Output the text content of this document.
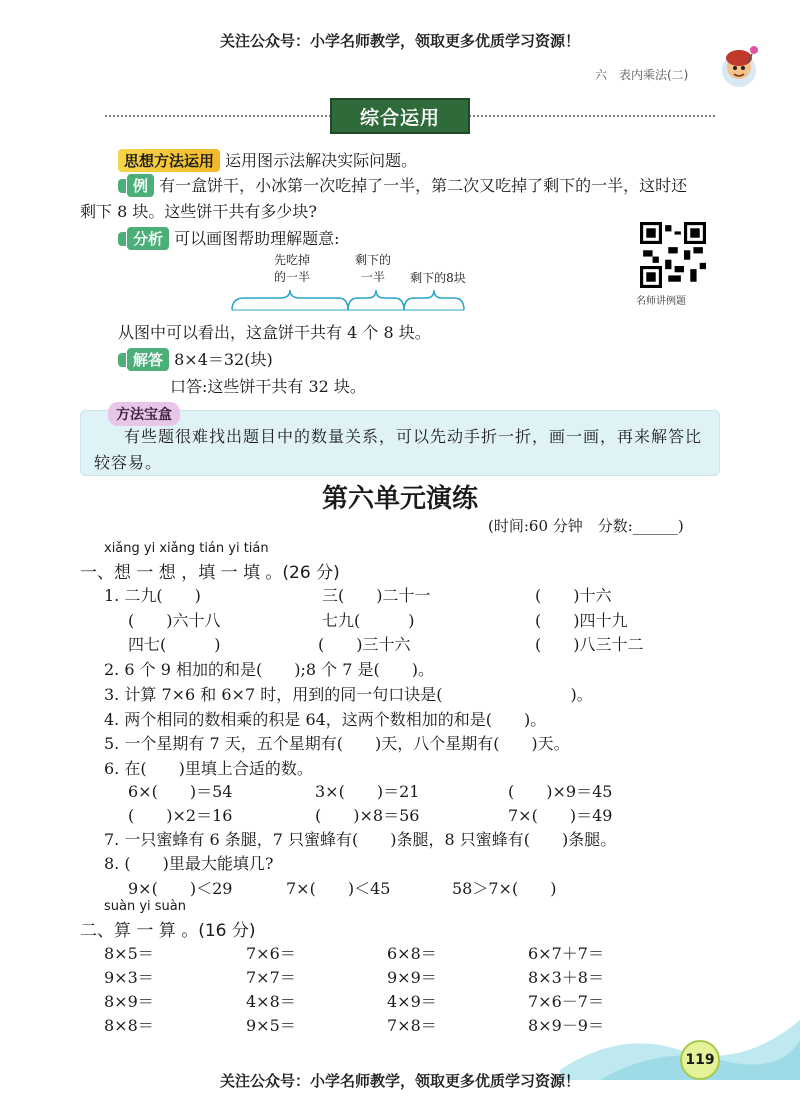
关注公众号：小学名师教学，领取更多优质学习资源！
六　表内乘法(二)
综合运用
思想方法运用 运用图示法解决实际问题。
例 有一盒饼干，小冰第一次吃掉了一半，第二次又吃掉了剩下的一半，这时还
剩下 8 块。这些饼干共有多少块?
分析 可以画图帮助理解题意:
名师讲例题
先吃掉
的一半
剩下的
一半	剩下的8块
从图中可以看出，这盒饼干共有 4 个 8 块。
解答 8×4＝32(块)
口答:这些饼干共有 32 块。
方法宝盒
有些题很难找出题目中的数量关系，可以先动手折一折，画一画，再来解答比较容易。
第六单元演练
(时间:60 分钟　分数:______)
xiǎng yi xiǎng tián yi tián
一、想 一 想 ，填 一 填 。(26 分)
1. 二九(　　)	三(　　)二十一	(　　)十六
(　　)六十八	七九(　　　)	(　　)四十九
四七(　　　)	(　　)三十六	(　　)八三十二
2. 6 个 9 相加的和是(　　);8 个 7 是(　　)。
3. 计算 7×6 和 6×7 时，用到的同一句口诀是(　　　　　　　　)。
4. 两个相同的数相乘的积是 64，这两个数相加的和是(　　)。
5. 一个星期有 7 天，五个星期有(　　)天，八个星期有(　　)天。
6. 在(　　)里填上合适的数。
6×(　　)＝54	3×(　　)＝21	(　　)×9＝45
(　　)×2＝16	(　　)×8＝56	7×(　　)＝49
7. 一只蜜蜂有 6 条腿，7 只蜜蜂有(　　)条腿，8 只蜜蜂有(　　)条腿。
8. (　　)里最大能填几?
9×(　　)＜29	7×(　　)＜45	58＞7×(　　)
suàn yi suàn
二、算 一 算 。(16 分)
8×5＝	7×6＝	6×8＝	6×7＋7＝
9×3＝	7×7＝	9×9＝	8×3＋8＝
8×9＝	4×8＝	4×9＝	7×6－7＝
8×8＝	9×5＝	7×8＝	8×9－9＝
119
关注公众号：小学名师教学，领取更多优质学习资源！
